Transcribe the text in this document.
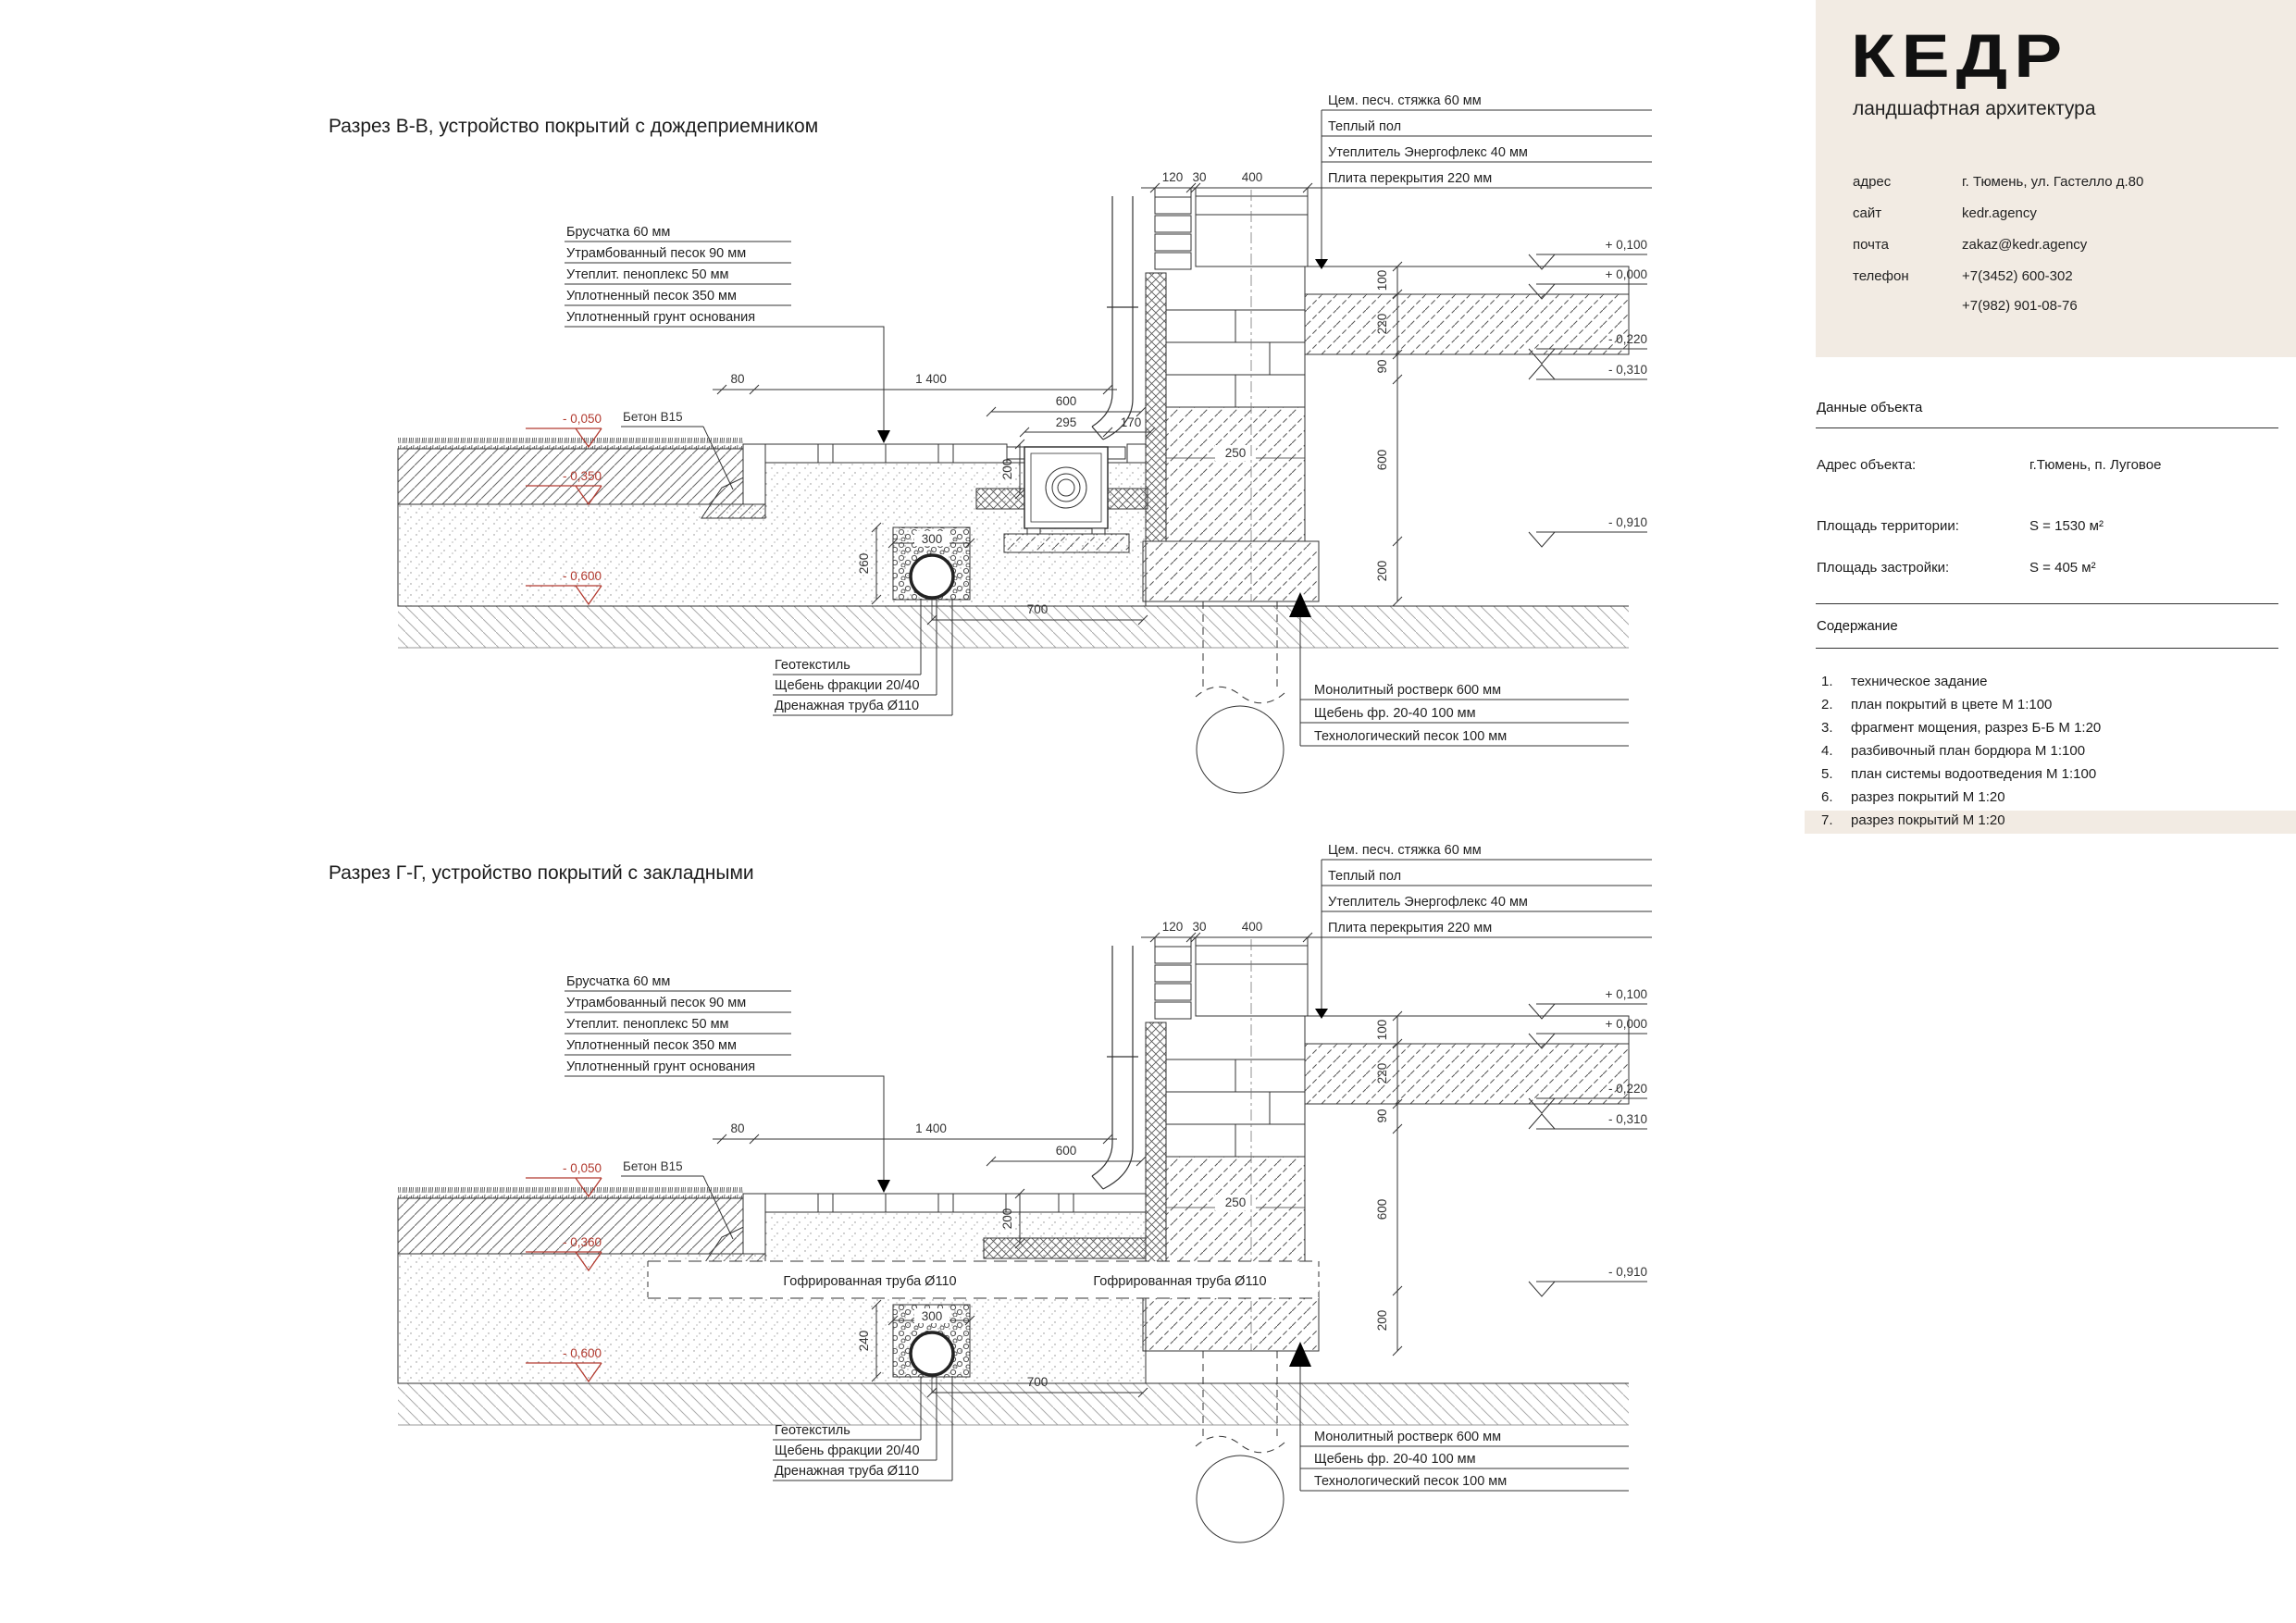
Разрез В-В, устройство покрытий с дождеприемником
250
120 30	400
80	1 400
600
295	170
200
300
260
700
Брусчатка 60 мм
Утрамбованный песок 90 мм
Утеплит. пеноплекс 50 мм
Уплотненный песок 350 мм
Уплотненный грунт основания
Цем. песч. стяжка 60 мм
Теплый пол
Утеплитель Энергофлекс 40 мм
Плита перекрытия 220 мм
Геотекстиль
Щебень фракции 20/40
Дренажная труба Ø110
Монолитный ростверк 600 мм
Щебень фр. 20-40 100 мм
Технологический песок 100 мм
Бетон В15
- 0,050
- 0,350
- 0,600
+ 0,100
+ 0,000
- 0,220
- 0,310
- 0,910
100
220
90
600
200
Разрез Г-Г, устройство покрытий с закладными
250
Гофрированная труба Ø110	Гофрированная труба Ø110
120 30	400
80	1 400
600
200
300
240
700
Брусчатка 60 мм
Утрамбованный песок 90 мм
Утеплит. пеноплекс 50 мм
Уплотненный песок 350 мм
Уплотненный грунт основания
Цем. песч. стяжка 60 мм
Теплый пол
Утеплитель Энергофлекс 40 мм
Плита перекрытия 220 мм
Геотекстиль
Щебень фракции 20/40
Дренажная труба Ø110
Монолитный ростверк 600 мм
Щебень фр. 20-40 100 мм
Технологический песок 100 мм
Бетон В15
- 0,050
- 0,360
- 0,600
+ 0,100
+ 0,000
- 0,220
- 0,310
- 0,910
100
220
90
600
200
КЕДР
ландшафтная архитектура
адрес	г. Тюмень, ул. Гастелло д.80
сайт	kedr.agency
почта	zakaz@kedr.agency
телефон	+7(3452) 600-302
+7(982) 901-08-76
Данные объекта
Адрес объекта:	г.Тюмень, п. Луговое
Площадь территории:	S = 1530 м²
Площадь застройки:	S = 405 м²
Содержание
1. техническое задание
2. план покрытий в цвете М 1:100
3. фрагмент мощения, разрез Б-Б М 1:20
4. разбивочный план бордюра М 1:100
5. план системы водоотведения М 1:100
6. разрез покрытий М 1:20
7. разрез покрытий М 1:20
